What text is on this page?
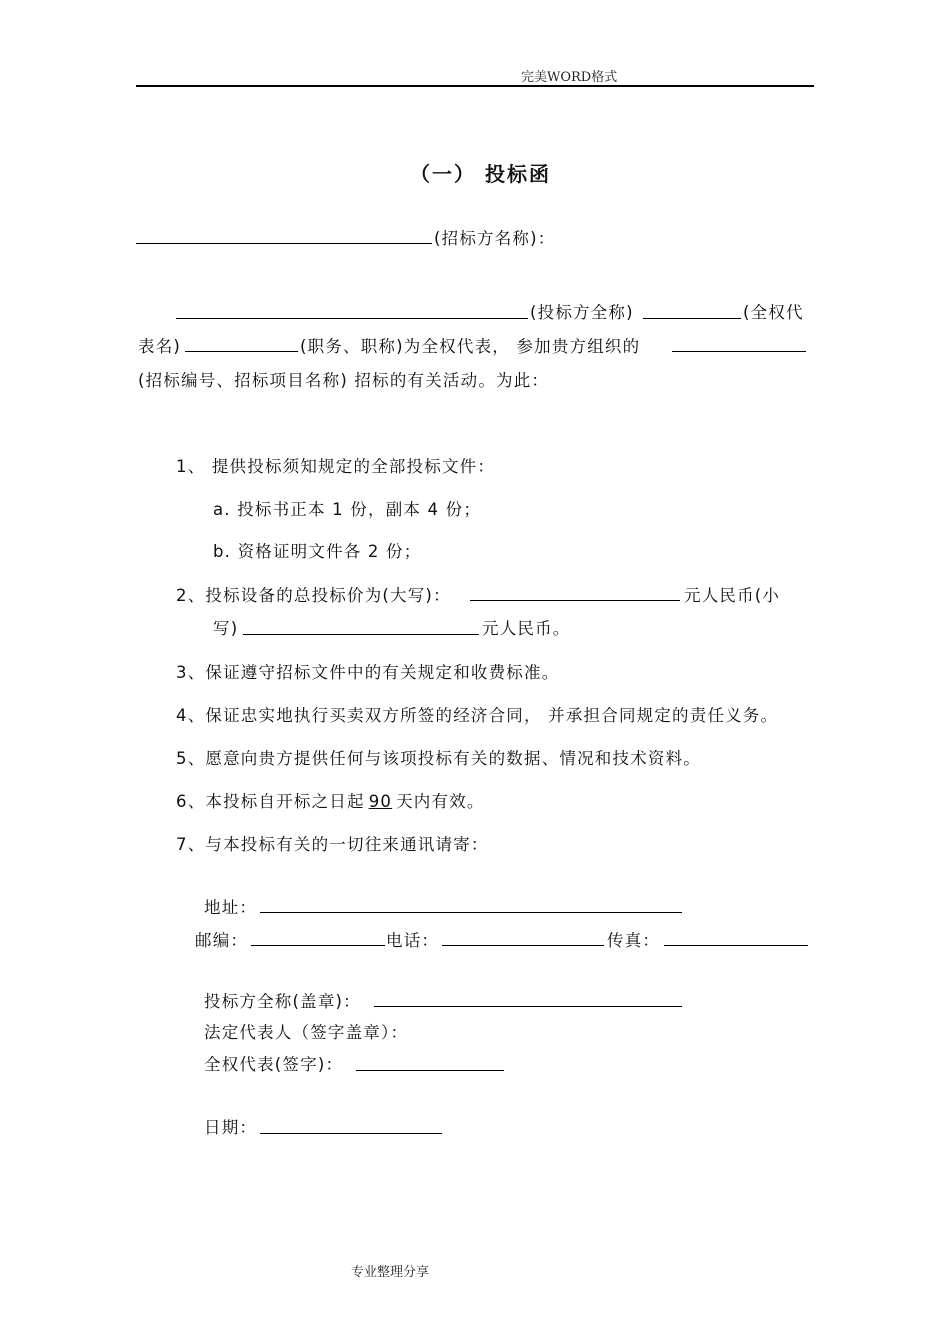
完美WORD格式
（一） 投标函
(招标方名称)：
(投标方全称)	(全权代
表名)	(职务、职称)为全权代表， 参加贵方组织的
(招标编号、招标项目名称) 招标的有关活动。为此：
1、 提供投标须知规定的全部投标文件：
a. 投标书正本 1 份，副本 4 份；
b. 资格证明文件各 2 份；
2、投标设备的总投标价为(大写)：	元人民币(小
写)	元人民币。
3、保证遵守招标文件中的有关规定和收费标准。
4、保证忠实地执行买卖双方所签的经济合同， 并承担合同规定的责任义务。
5、愿意向贵方提供任何与该项投标有关的数据、情况和技术资料。
6、本投标自开标之日起 90 天内有效。
7、与本投标有关的一切往来通讯请寄：
地址：
邮编：	电话：	传真：
投标方全称(盖章)：
法定代表人（签字盖章）：
全权代表(签字)：
日期：
专业整理分享
